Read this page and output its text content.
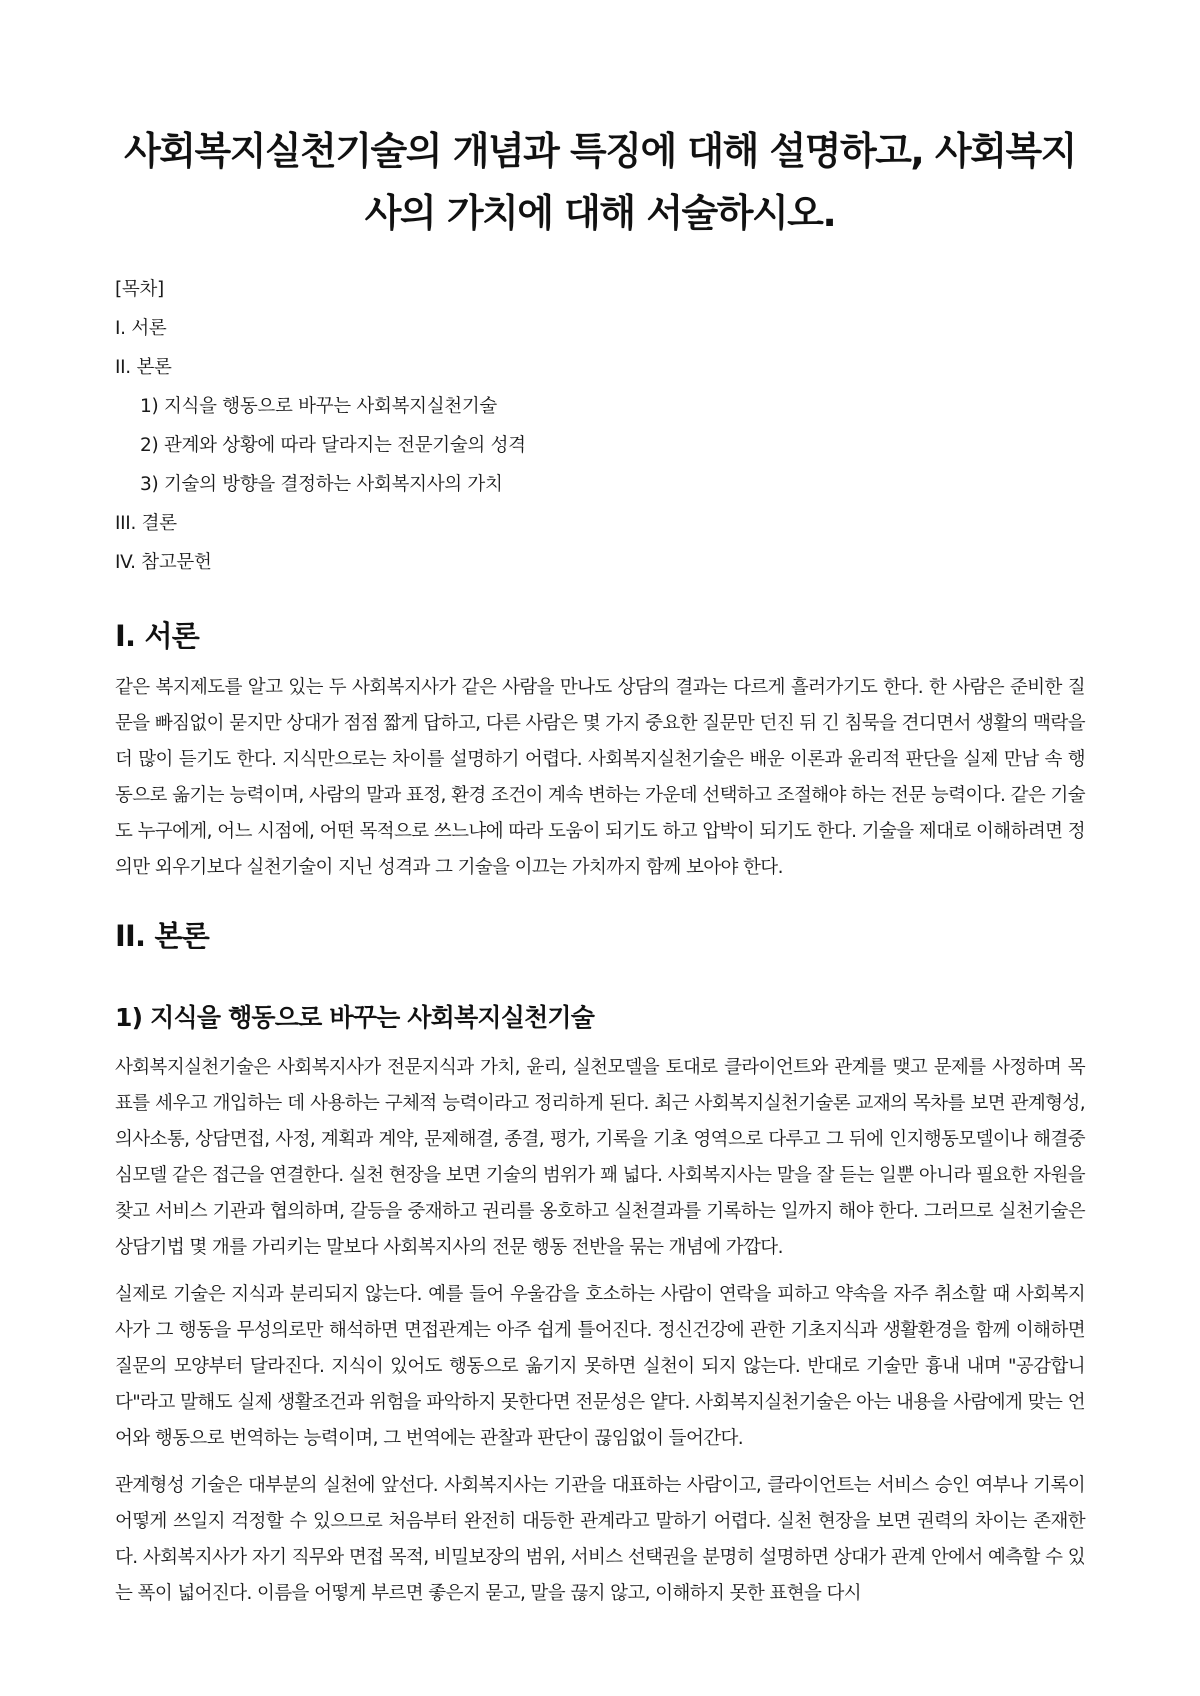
사회복지실천기술의 개념과 특징에 대해 설명하고, 사회복지사의 가치에 대해 서술하시오.
[목차]
I. 서론
II. 본론
1) 지식을 행동으로 바꾸는 사회복지실천기술
2) 관계와 상황에 따라 달라지는 전문기술의 성격
3) 기술의 방향을 결정하는 사회복지사의 가치
III. 결론
IV. 참고문헌
I. 서론

같은 복지제도를 알고 있는 두 사회복지사가 같은 사람을 만나도 상담의 결과는 다르게 흘러가기도 한다. 한 사람은 준비한 질문을 빠짐없이 묻지만 상대가 점점 짧게 답하고, 다른 사람은 몇 가지 중요한 질문만 던진 뒤 긴 침묵을 견디면서 생활의 맥락을 더 많이 듣기도 한다. 지식만으로는 차이를 설명하기 어렵다. 사회복지실천기술은 배운 이론과 윤리적 판단을 실제 만남 속 행동으로 옮기는 능력이며, 사람의 말과 표정, 환경 조건이 계속 변하는 가운데 선택하고 조절해야 하는 전문 능력이다. 같은 기술도 누구에게, 어느 시점에, 어떤 목적으로 쓰느냐에 따라 도움이 되기도 하고 압박이 되기도 한다. 기술을 제대로 이해하려면 정의만 외우기보다 실천기술이 지닌 성격과 그 기술을 이끄는 가치까지 함께 보아야 한다.

II. 본론
1) 지식을 행동으로 바꾸는 사회복지실천기술

사회복지실천기술은 사회복지사가 전문지식과 가치, 윤리, 실천모델을 토대로 클라이언트와 관계를 맺고 문제를 사정하며 목표를 세우고 개입하는 데 사용하는 구체적 능력이라고 정리하게 된다. 최근 사회복지실천기술론 교재의 목차를 보면 관계형성, 의사소통, 상담면접, 사정, 계획과 계약, 문제해결, 종결, 평가, 기록을 기초 영역으로 다루고 그 뒤에 인지행동모델이나 해결중심모델 같은 접근을 연결한다. 실천 현장을 보면 기술의 범위가 꽤 넓다. 사회복지사는 말을 잘 듣는 일뿐 아니라 필요한 자원을 찾고 서비스 기관과 협의하며, 갈등을 중재하고 권리를 옹호하고 실천결과를 기록하는 일까지 해야 한다. 그러므로 실천기술은 상담기법 몇 개를 가리키는 말보다 사회복지사의 전문 행동 전반을 묶는 개념에 가깝다.

실제로 기술은 지식과 분리되지 않는다. 예를 들어 우울감을 호소하는 사람이 연락을 피하고 약속을 자주 취소할 때 사회복지사가 그 행동을 무성의로만 해석하면 면접관계는 아주 쉽게 틀어진다. 정신건강에 관한 기초지식과 생활환경을 함께 이해하면 질문의 모양부터 달라진다. 지식이 있어도 행동으로 옮기지 못하면 실천이 되지 않는다. 반대로 기술만 흉내 내며 "공감합니다"라고 말해도 실제 생활조건과 위험을 파악하지 못한다면 전문성은 얕다. 사회복지실천기술은 아는 내용을 사람에게 맞는 언어와 행동으로 번역하는 능력이며, 그 번역에는 관찰과 판단이 끊임없이 들어간다.

관계형성 기술은 대부분의 실천에 앞선다. 사회복지사는 기관을 대표하는 사람이고, 클라이언트는 서비스 승인 여부나 기록이 어떻게 쓰일지 걱정할 수 있으므로 처음부터 완전히 대등한 관계라고 말하기 어렵다. 실천 현장을 보면 권력의 차이는 존재한다. 사회복지사가 자기 직무와 면접 목적, 비밀보장의 범위, 서비스 선택권을 분명히 설명하면 상대가 관계 안에서 예측할 수 있는 폭이 넓어진다. 이름을 어떻게 부르면 좋은지 묻고, 말을 끊지 않고, 이해하지 못한 표현을 다시
